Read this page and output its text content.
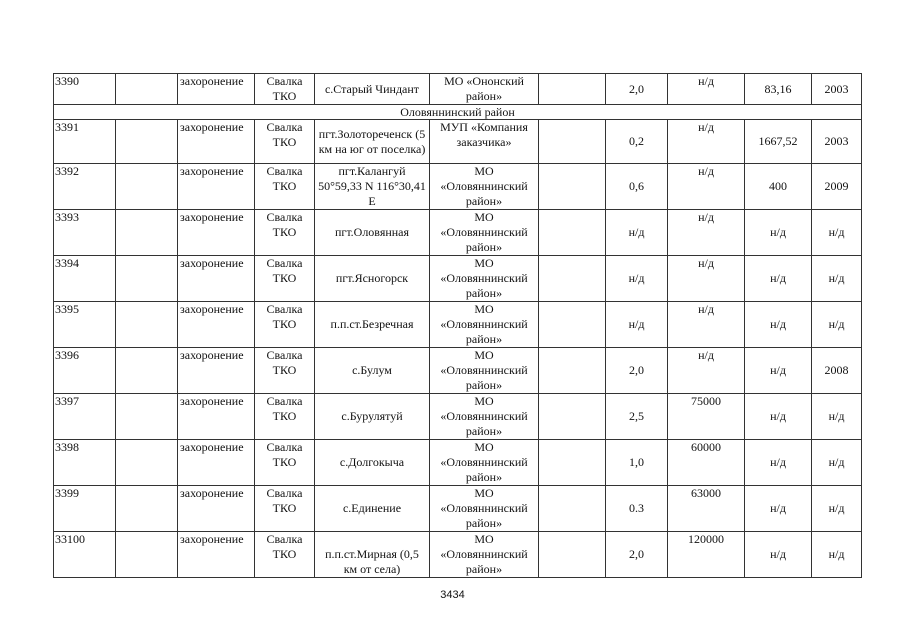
3390		захоронение	Свалка ТКО	с.Старый Чиндант	МО «Ононский район»		2,0	н/д	83,16	2003
Оловяннинский район										
3391		захоронение	Свалка ТКО	пгт.Золотореченск (5 км на юг от поселка)	МУП «Компания заказчика»		0,2	н/д	1667,52	2003
3392		захоронение	Свалка ТКО	пгт.Калангуй 50°59,33 N 116°30,41 E	МО «Оловяннинский район»		0,6	н/д	400	2009
3393		захоронение	Свалка ТКО	пгт.Оловянная	МО «Оловяннинский район»		н/д	н/д	н/д	н/д
3394		захоронение	Свалка ТКО	пгт.Ясногорск	МО «Оловяннинский район»		н/д	н/д	н/д	н/д
3395		захоронение	Свалка ТКО	п.п.ст.Безречная	МО «Оловяннинский район»		н/д	н/д	н/д	н/д
3396		захоронение	Свалка ТКО	с.Булум	МО «Оловяннинский район»		2,0	н/д	н/д	2008
3397		захоронение	Свалка ТКО	с.Бурулятуй	МО «Оловяннинский район»		2,5	75000	н/д	н/д
3398		захоронение	Свалка ТКО	с.Долгокыча	МО «Оловяннинский район»		1,0	60000	н/д	н/д
3399		захоронение	Свалка ТКО	с.Единение	МО «Оловяннинский район»		0.3	63000	н/д	н/д
33100		захоронение	Свалка ТКО	п.п.ст.Мирная (0,5 км от села)	МО «Оловяннинский район»		2,0	120000	н/д	н/д
3434
